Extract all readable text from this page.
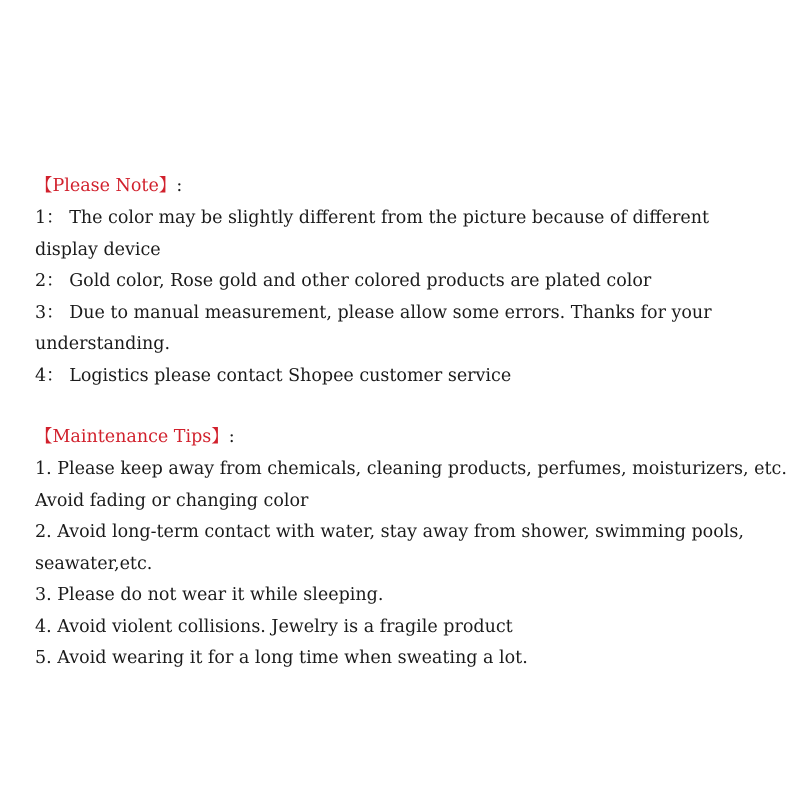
【Please Note】:
1： The color may be slightly different from the picture because of different
display device
2： Gold color, Rose gold and other colored products are plated color
3： Due to manual measurement, please allow some errors. Thanks for your
understanding.
4： Logistics please contact Shopee customer service
【Maintenance Tips】:
1. Please keep away from chemicals, cleaning products, perfumes, moisturizers, etc.
Avoid fading or changing color
2. Avoid long-term contact with water, stay away from shower, swimming pools,
seawater,etc.
3. Please do not wear it while sleeping.
4. Avoid violent collisions. Jewelry is a fragile product
5. Avoid wearing it for a long time when sweating a lot.
